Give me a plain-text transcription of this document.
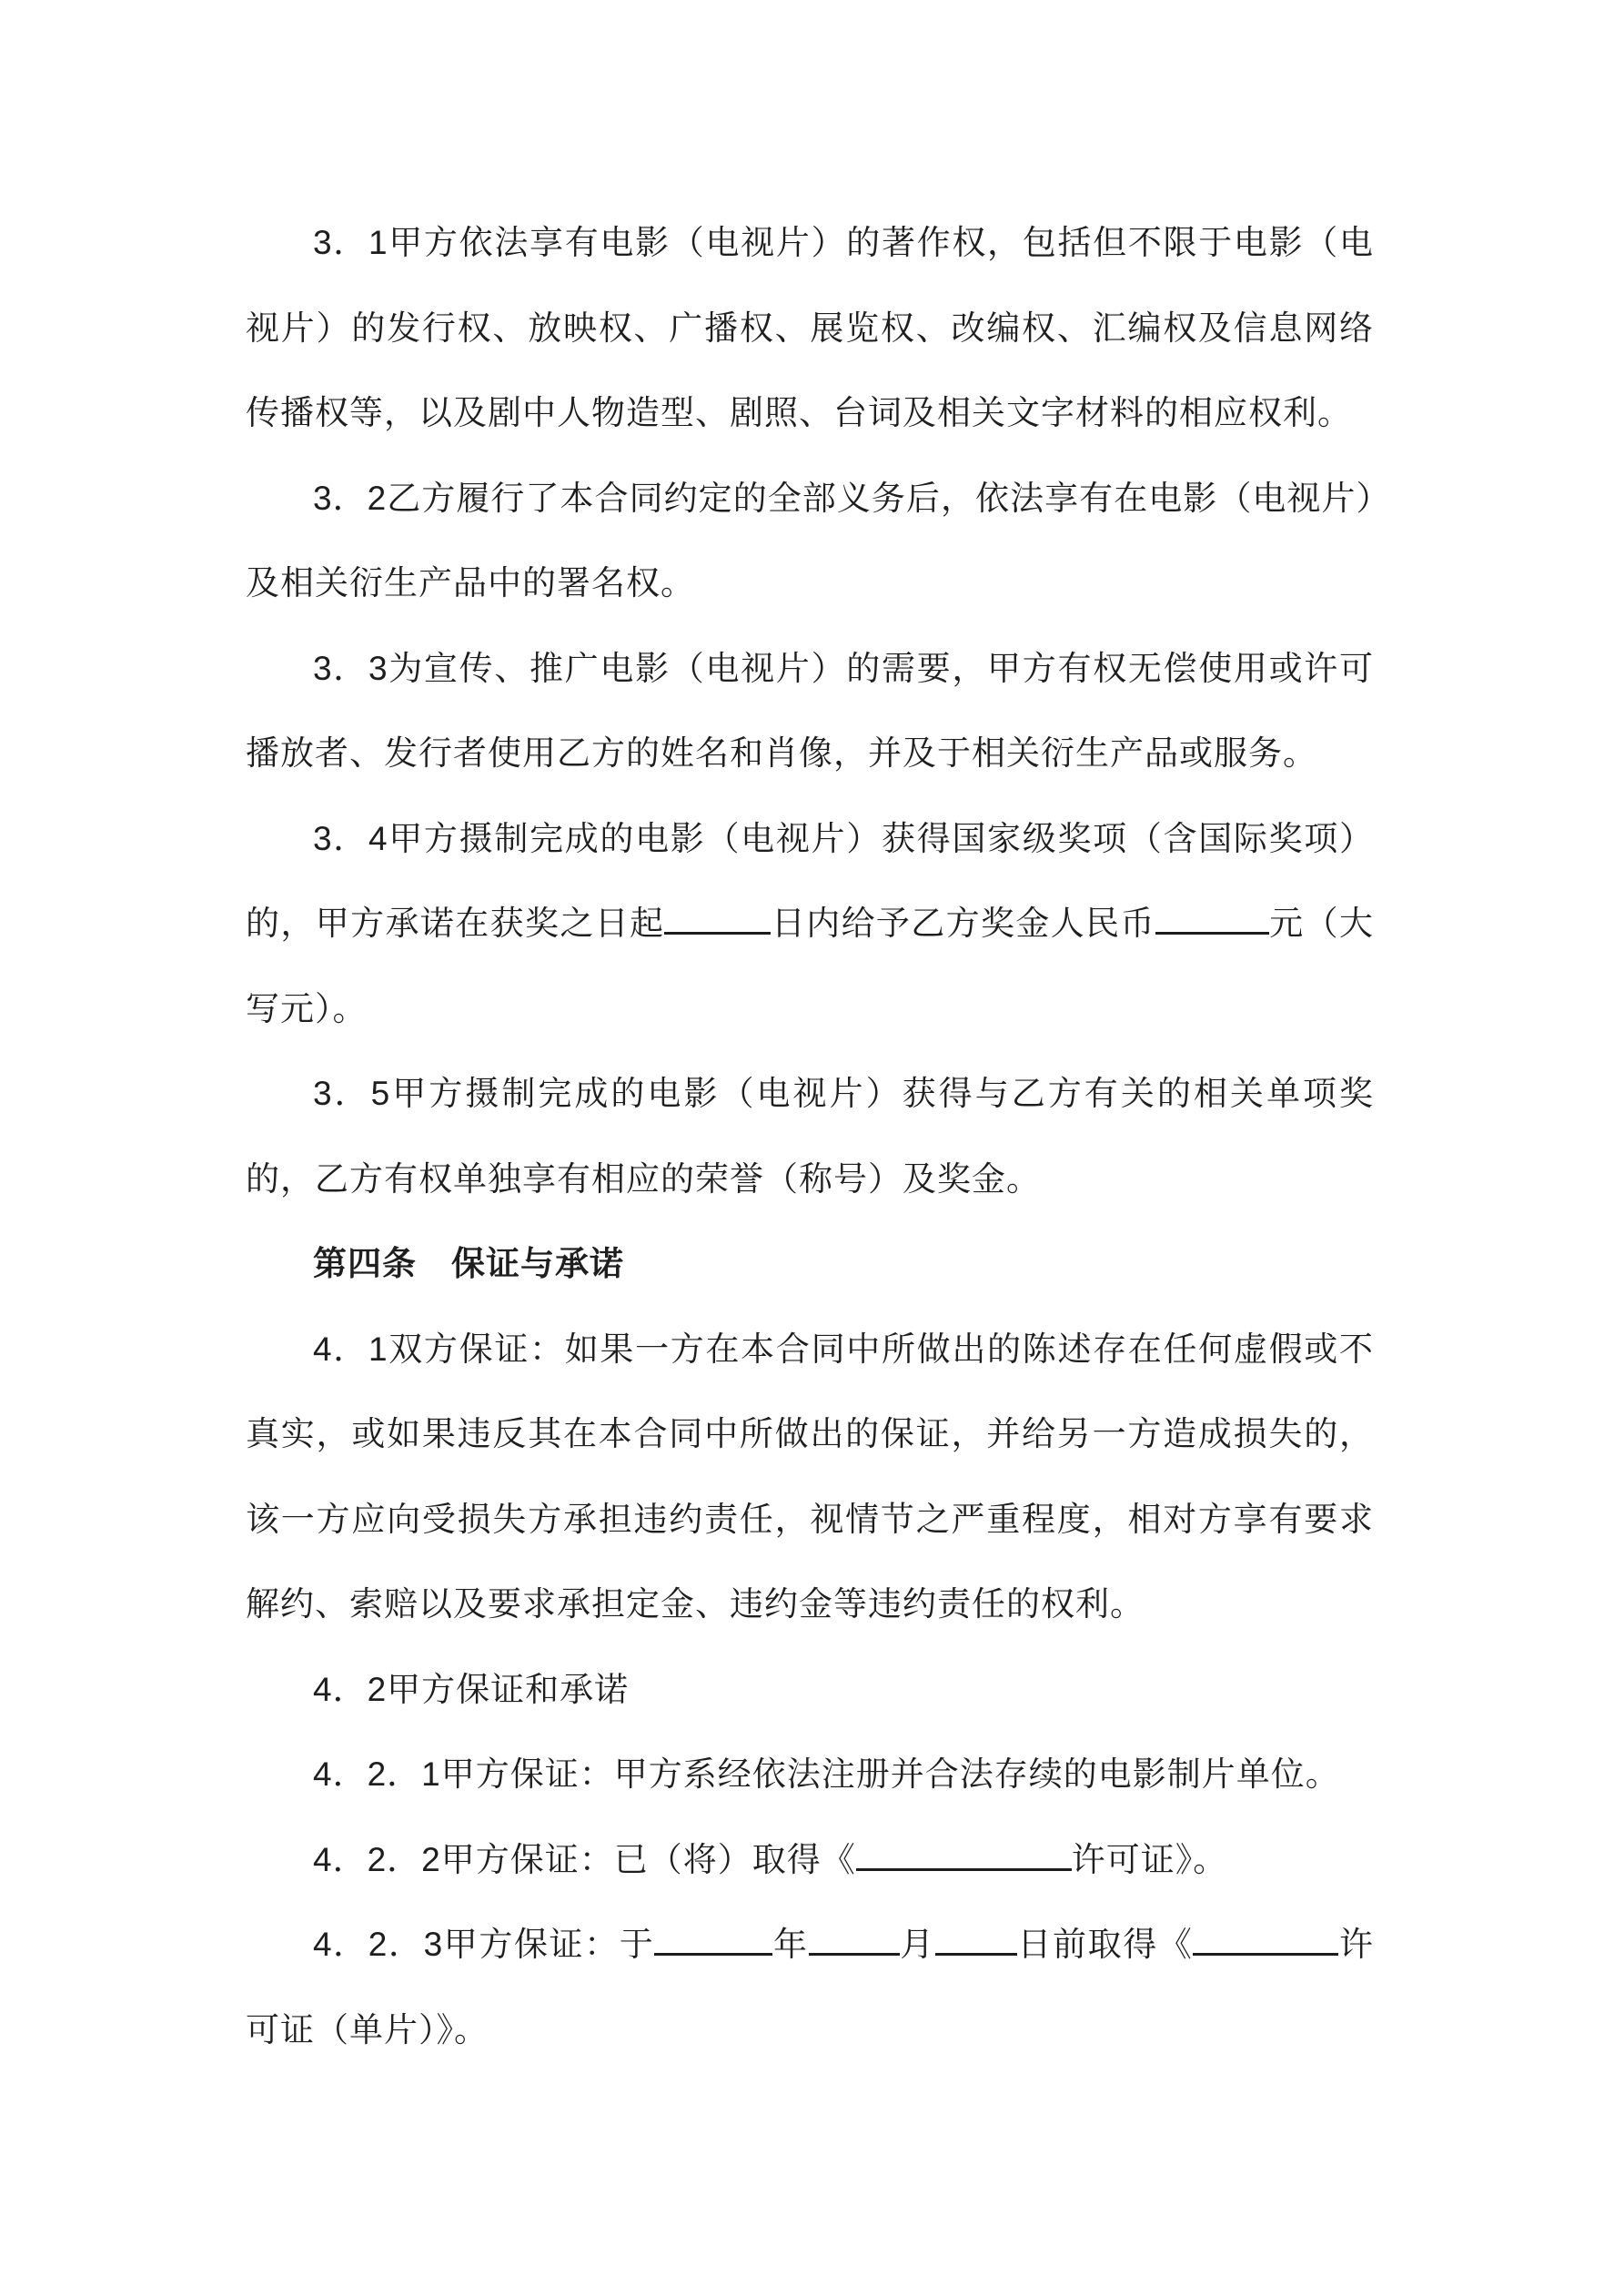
3．1甲方依法享有电影（电视片）的著作权，包括但不限于电影（电视片）的发行权、放映权、广播权、展览权、改编权、汇编权及信息网络传播权等，以及剧中人物造型、剧照、台词及相关文字材料的相应权利。

3．2乙方履行了本合同约定的全部义务后，依法享有在电影（电视片）及相关衍生产品中的署名权。

3．3为宣传、推广电影（电视片）的需要，甲方有权无偿使用或许可播放者、发行者使用乙方的姓名和肖像，并及于相关衍生产品或服务。

3．4甲方摄制完成的电影（电视片）获得国家级奖项（含国际奖项）的，甲方承诺在获奖之日起	日内给予乙方奖金人民币	元（大写元）。

3．5甲方摄制完成的电影（电视片）获得与乙方有关的相关单项奖的，乙方有权单独享有相应的荣誉（称号）及奖金。

第四条　保证与承诺

4．1双方保证：如果一方在本合同中所做出的陈述存在任何虚假或不真实，或如果违反其在本合同中所做出的保证，并给另一方造成损失的，该一方应向受损失方承担违约责任，视情节之严重程度，相对方享有要求解约、索赔以及要求承担定金、违约金等违约责任的权利。

4．2甲方保证和承诺

4．2．1甲方保证：甲方系经依法注册并合法存续的电影制片单位。

4．2．2甲方保证：已（将）取得《	许可证》。

4．2．3甲方保证：于	年	月 日前取得《	许可证（单片）》。
